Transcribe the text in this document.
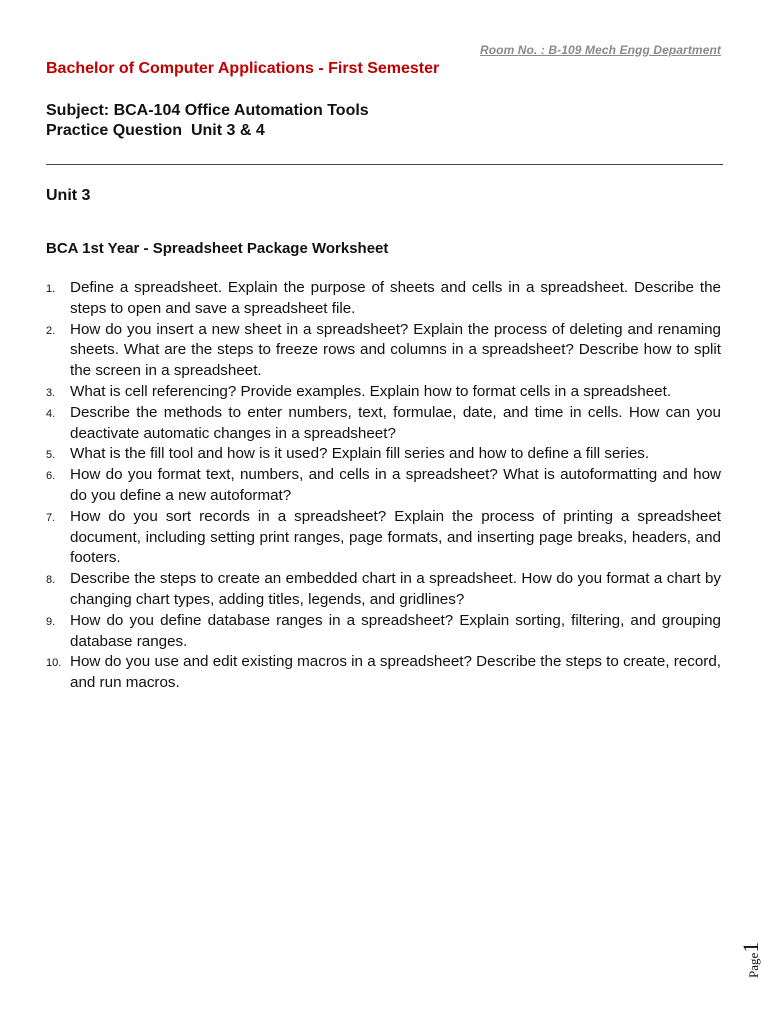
Room No. : B-109 Mech Engg Department
Bachelor of Computer Applications - First Semester
Subject: BCA-104 Office Automation Tools
Practice Question  Unit 3 & 4
Unit 3
BCA 1st Year - Spreadsheet Package Worksheet
1. Define a spreadsheet. Explain the purpose of sheets and cells in a spreadsheet. Describe the steps to open and save a spreadsheet file.
2. How do you insert a new sheet in a spreadsheet? Explain the process of deleting and renaming sheets. What are the steps to freeze rows and columns in a spreadsheet? Describe how to split the screen in a spreadsheet.
3. What is cell referencing? Provide examples. Explain how to format cells in a spreadsheet.
4. Describe the methods to enter numbers, text, formulae, date, and time in cells. How can you deactivate automatic changes in a spreadsheet?
5. What is the fill tool and how is it used? Explain fill series and how to define a fill series.
6. How do you format text, numbers, and cells in a spreadsheet? What is autoformatting and how do you define a new autoformat?
7. How do you sort records in a spreadsheet? Explain the process of printing a spreadsheet document, including setting print ranges, page formats, and inserting page breaks, headers, and footers.
8. Describe the steps to create an embedded chart in a spreadsheet. How do you format a chart by changing chart types, adding titles, legends, and gridlines?
9. How do you define database ranges in a spreadsheet? Explain sorting, filtering, and grouping database ranges.
10. How do you use and edit existing macros in a spreadsheet? Describe the steps to create, record, and run macros.
Page1
